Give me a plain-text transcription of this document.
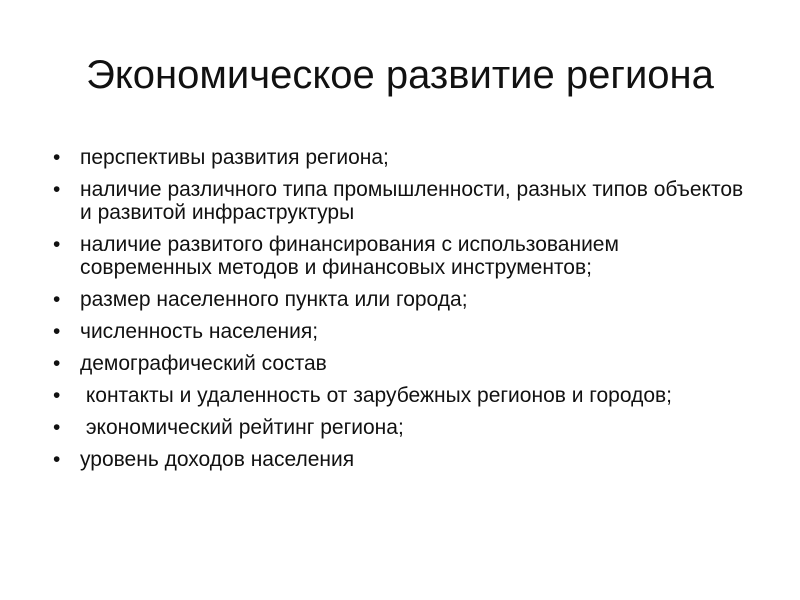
Экономическое развитие региона
• перспективы развития региона;
• наличие различного типа промышленности, разных типов объектов и развитой инфраструктуры
• наличие развитого финансирования с использованием современных методов и финансовых инструментов;
• размер населенного пункта или города;
• численность населения;
• демографический состав
• контакты и удаленность от зарубежных регионов и городов;
• экономический рейтинг региона;
• уровень доходов населения
